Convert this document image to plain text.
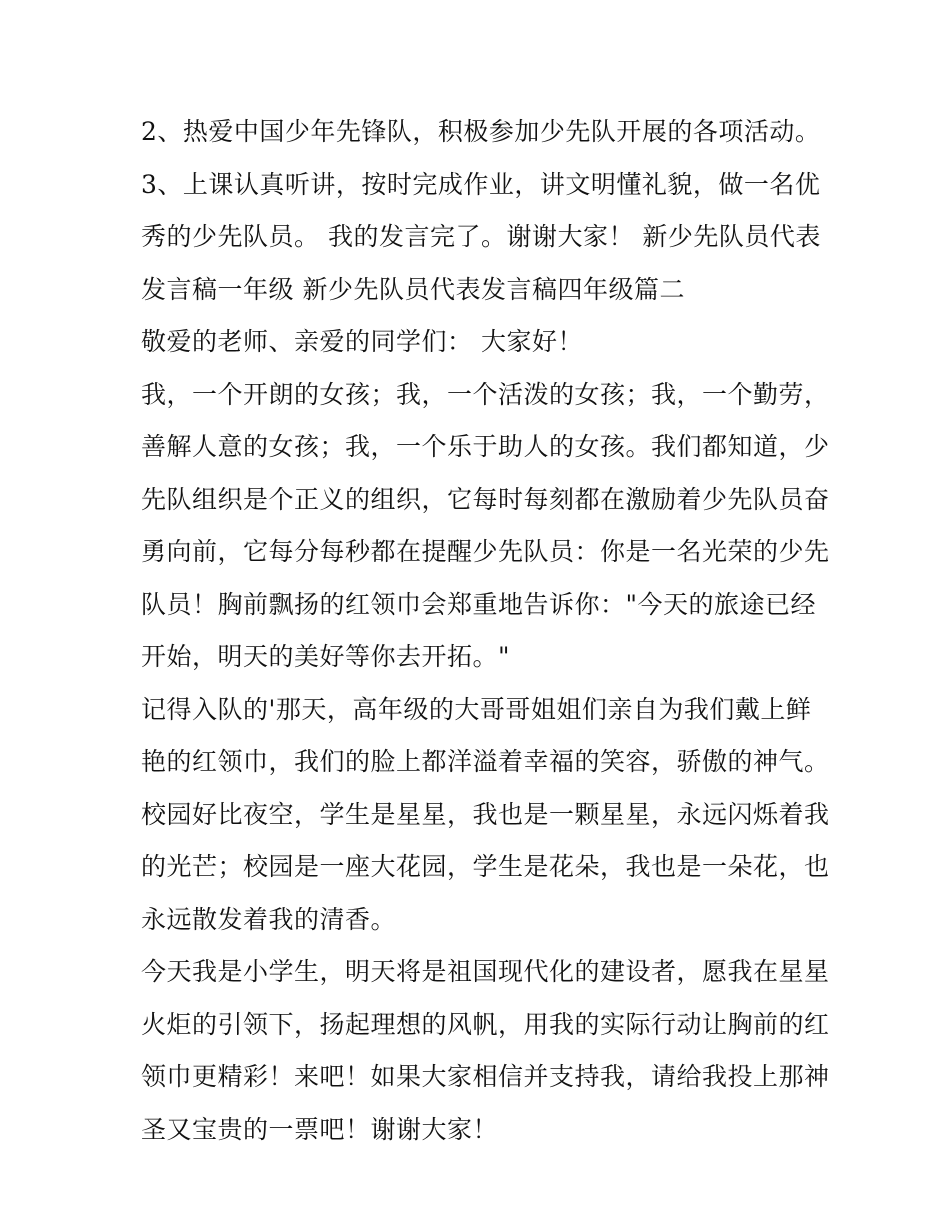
2、热爱中国少年先锋队，积极参加少先队开展的各项活动。
3、上课认真听讲，按时完成作业，讲文明懂礼貌，做一名优
秀的少先队员。 我的发言完了。谢谢大家！ 新少先队员代表
发言稿一年级 新少先队员代表发言稿四年级篇二
敬爱的老师、亲爱的同学们： 大家好！
我，一个开朗的女孩；我，一个活泼的女孩；我，一个勤劳，
善解人意的女孩；我，一个乐于助人的女孩。我们都知道，少
先队组织是个正义的组织，它每时每刻都在激励着少先队员奋
勇向前，它每分每秒都在提醒少先队员：你是一名光荣的少先
队员！胸前飘扬的红领巾会郑重地告诉你："今天的旅途已经
开始，明天的美好等你去开拓。"
记得入队的'那天，高年级的大哥哥姐姐们亲自为我们戴上鲜
艳的红领巾，我们的脸上都洋溢着幸福的笑容，骄傲的神气。
校园好比夜空，学生是星星，我也是一颗星星，永远闪烁着我
的光芒；校园是一座大花园，学生是花朵，我也是一朵花，也
永远散发着我的清香。
今天我是小学生，明天将是祖国现代化的建设者，愿我在星星
火炬的引领下，扬起理想的风帆，用我的实际行动让胸前的红
领巾更精彩！来吧！如果大家相信并支持我，请给我投上那神
圣又宝贵的一票吧！谢谢大家！
